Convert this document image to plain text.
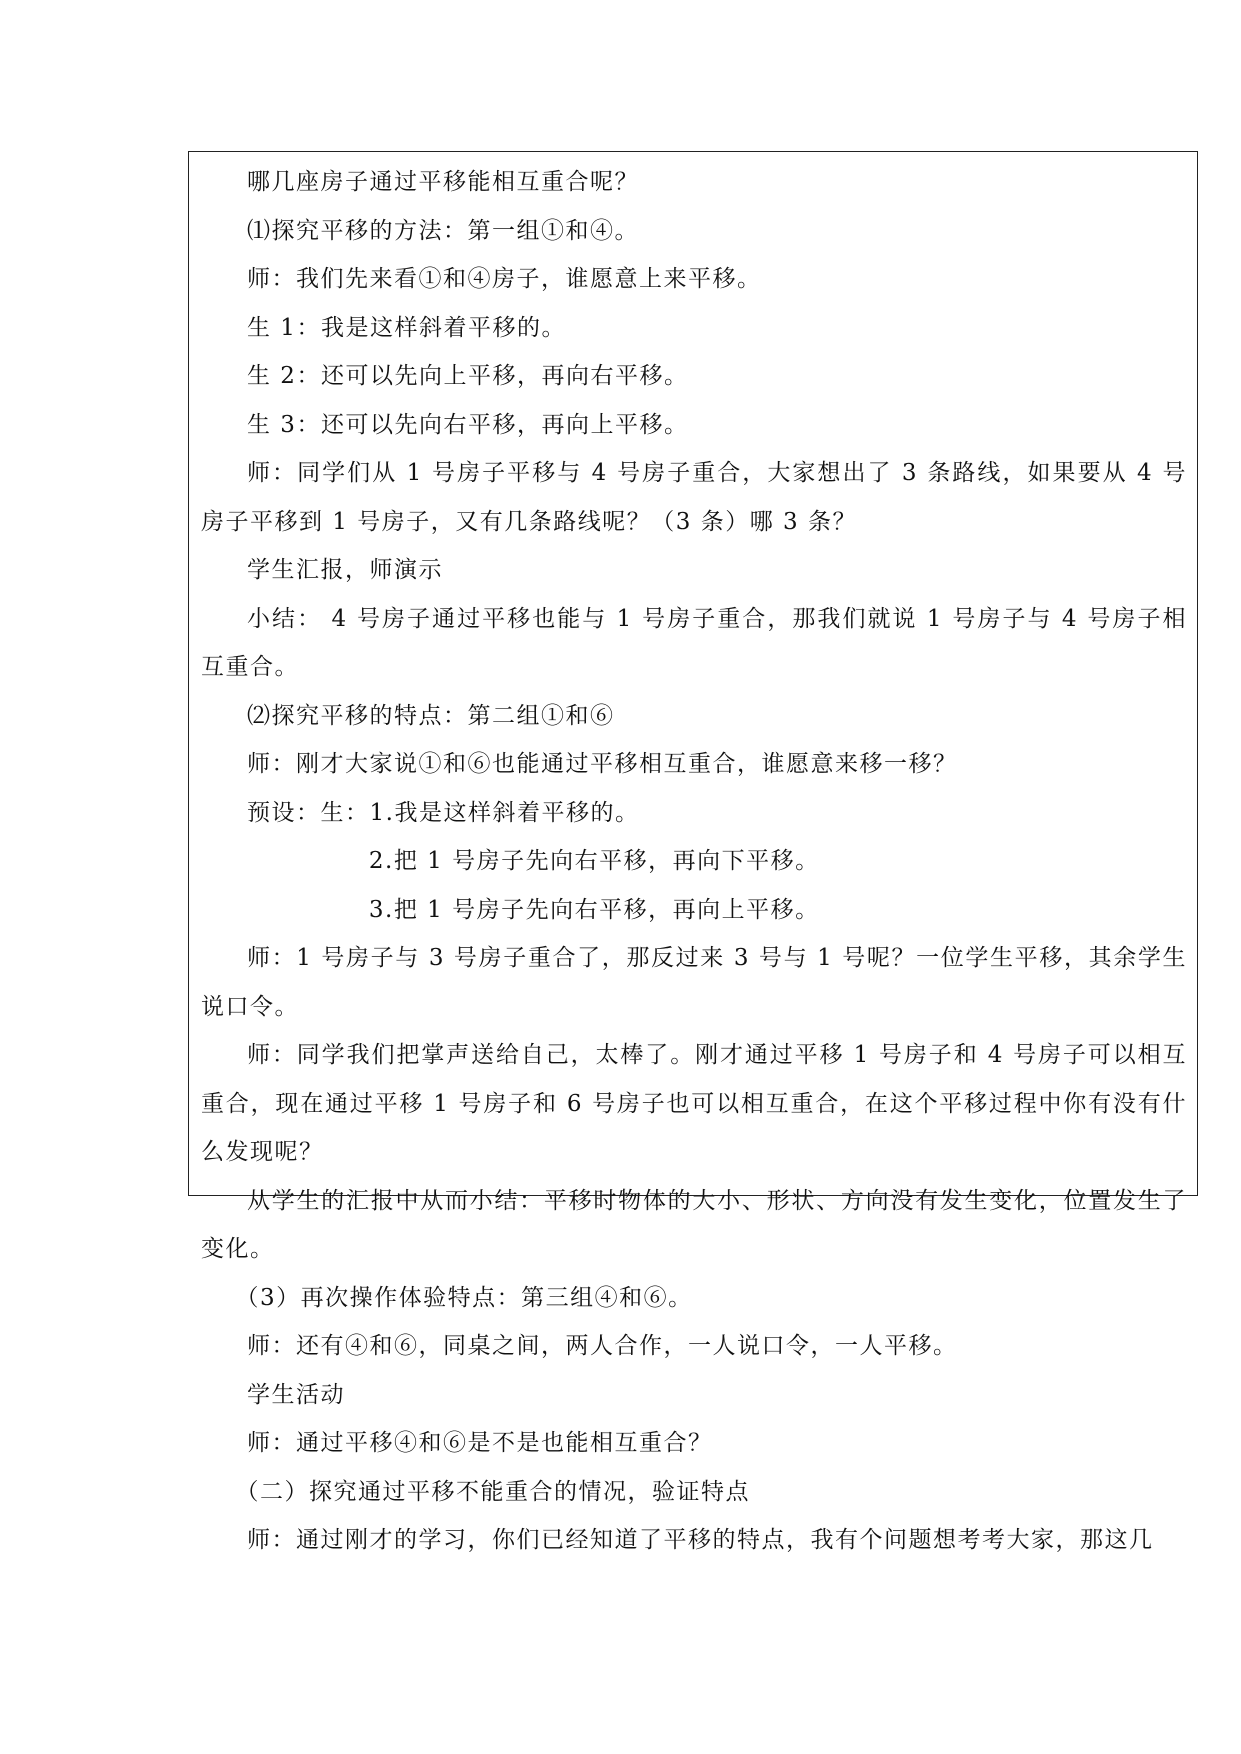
哪几座房子通过平移能相互重合呢？

⑴探究平移的方法：第一组①和④。

师：我们先来看①和④房子，谁愿意上来平移。

生 1：我是这样斜着平移的。

生 2：还可以先向上平移，再向右平移。

生 3：还可以先向右平移，再向上平移。

师：同学们从 1 号房子平移与 4 号房子重合，大家想出了 3 条路线，如果要从 4 号房子平移到 1 号房子，又有几条路线呢？（3 条）哪 3 条？

学生汇报，师演示

小结： 4 号房子通过平移也能与 1 号房子重合，那我们就说 1 号房子与 4 号房子相互重合。

⑵探究平移的特点：第二组①和⑥

师：刚才大家说①和⑥也能通过平移相互重合，谁愿意来移一移？

预设：生：1.我是这样斜着平移的。

2.把 1 号房子先向右平移，再向下平移。

3.把 1 号房子先向右平移，再向上平移。

师：1 号房子与 3 号房子重合了，那反过来 3 号与 1 号呢？一位学生平移，其余学生说口令。

师：同学我们把掌声送给自己，太棒了。刚才通过平移 1 号房子和 4 号房子可以相互重合，现在通过平移 1 号房子和 6 号房子也可以相互重合，在这个平移过程中你有没有什么发现呢？

从学生的汇报中从而小结：平移时物体的大小、形状、方向没有发生变化，位置发生了变化。

（3）再次操作体验特点：第三组④和⑥。

师：还有④和⑥，同桌之间，两人合作，一人说口令，一人平移。

学生活动

师：通过平移④和⑥是不是也能相互重合？

（二）探究通过平移不能重合的情况，验证特点

师：通过刚才的学习，你们已经知道了平移的特点，我有个问题想考考大家，那这几
